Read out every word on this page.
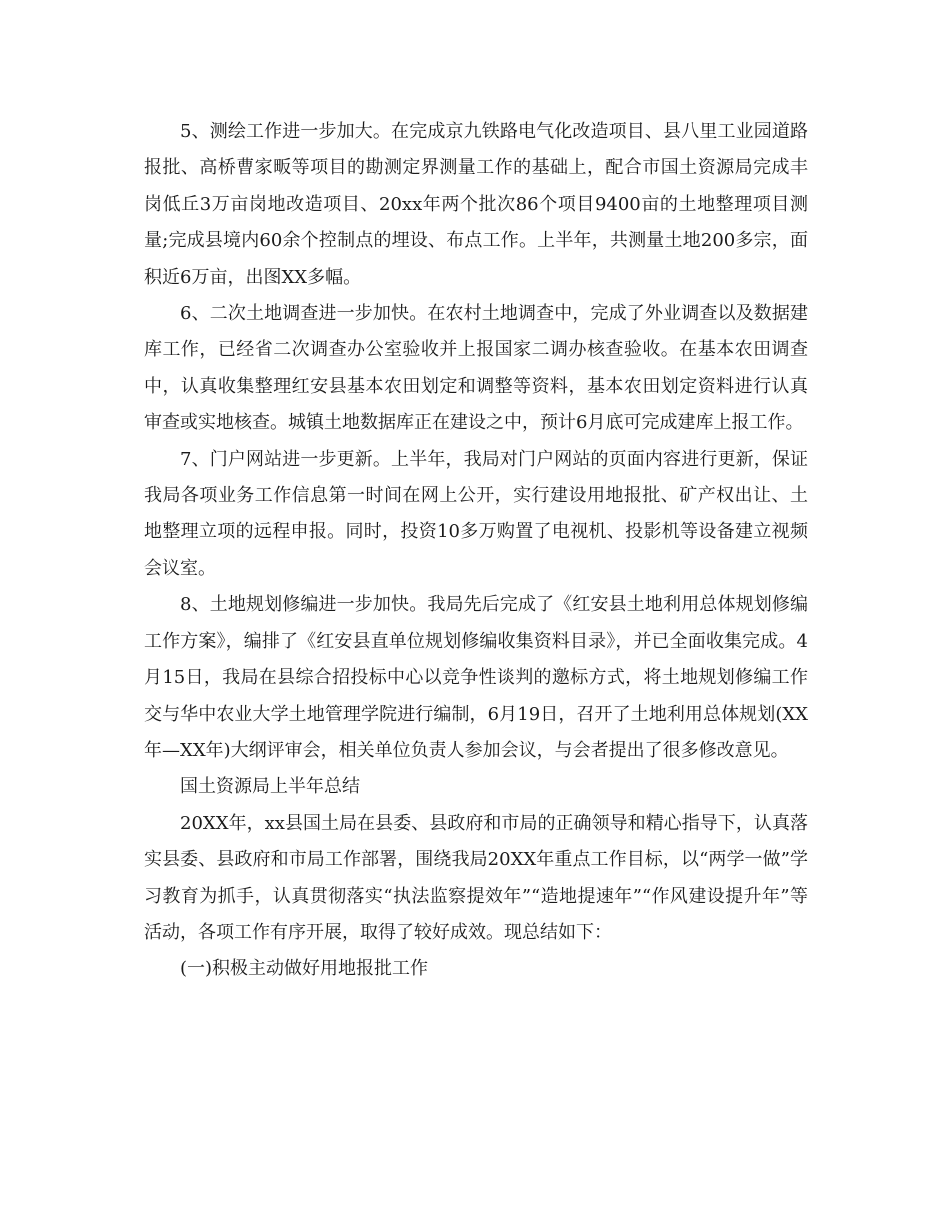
5、测绘工作进一步加大。在完成京九铁路电气化改造项目、县八里工业园道路报批、高桥曹家畈等项目的勘测定界测量工作的基础上，配合市国土资源局完成丰岗低丘3万亩岗地改造项目、20xx年两个批次86个项目9400亩的土地整理项目测量;完成县境内60余个控制点的埋设、布点工作。上半年，共测量土地200多宗，面积近6万亩，出图XX多幅。

6、二次土地调查进一步加快。在农村土地调查中，完成了外业调查以及数据建库工作，已经省二次调查办公室验收并上报国家二调办核查验收。在基本农田调查中，认真收集整理红安县基本农田划定和调整等资料，基本农田划定资料进行认真审查或实地核查。城镇土地数据库正在建设之中，预计6月底可完成建库上报工作。

7、门户网站进一步更新。上半年，我局对门户网站的页面内容进行更新，保证我局各项业务工作信息第一时间在网上公开，实行建设用地报批、矿产权出让、土地整理立项的远程申报。同时，投资10多万购置了电视机、投影机等设备建立视频会议室。

8、土地规划修编进一步加快。我局先后完成了《红安县土地利用总体规划修编工作方案》，编排了《红安县直单位规划修编收集资料目录》，并已全面收集完成。4月15日，我局在县综合招投标中心以竞争性谈判的邀标方式，将土地规划修编工作交与华中农业大学土地管理学院进行编制，6月19日，召开了土地利用总体规划(XX年—XX年)大纲评审会，相关单位负责人参加会议，与会者提出了很多修改意见。

国土资源局上半年总结

20XX年，xx县国土局在县委、县政府和市局的正确领导和精心指导下，认真落实县委、县政府和市局工作部署，围绕我局20XX年重点工作目标，以“两学一做”学习教育为抓手，认真贯彻落实“执法监察提效年”“造地提速年”“作风建设提升年”等活动，各项工作有序开展，取得了较好成效。现总结如下：

(一)积极主动做好用地报批工作
